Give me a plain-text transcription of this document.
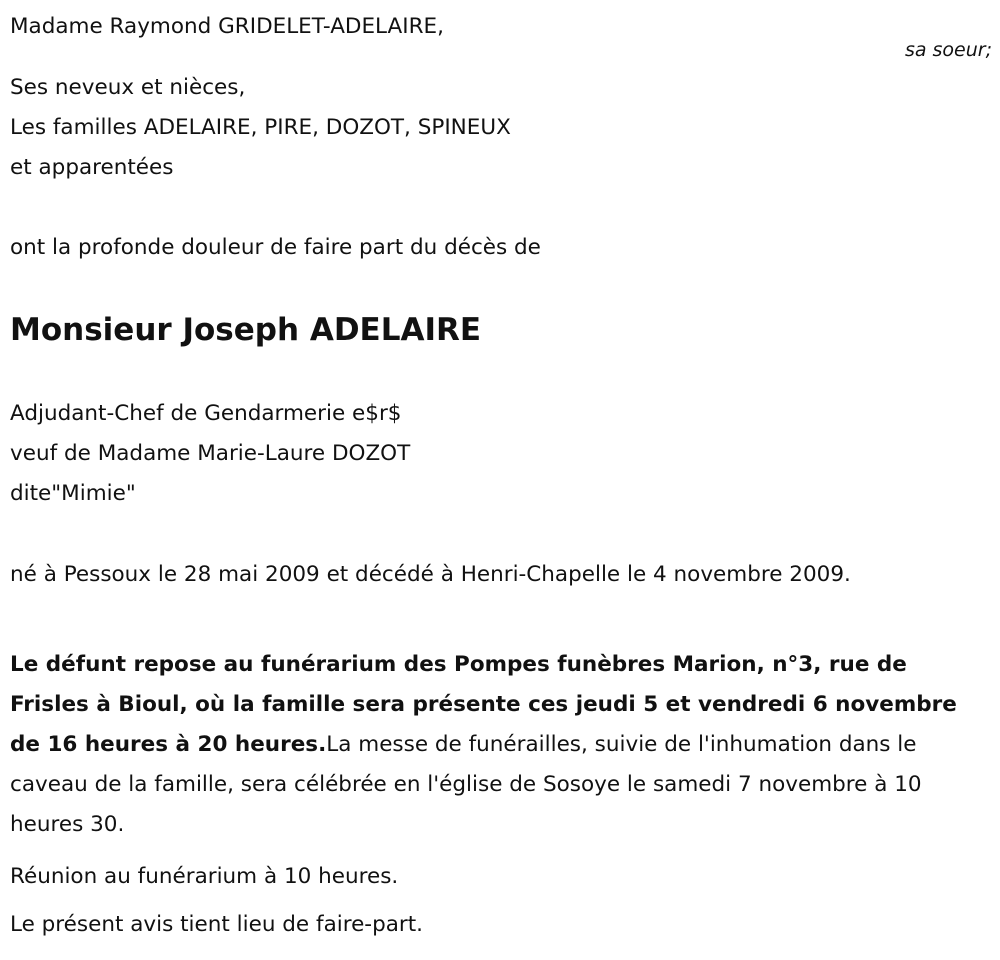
Madame Raymond GRIDELET-ADELAIRE,
sa soeur;
Ses neveux et nièces,
Les familles ADELAIRE, PIRE, DOZOT, SPINEUX
et apparentées
ont la profonde douleur de faire part du décès de
Monsieur Joseph ADELAIRE
Adjudant-Chef de Gendarmerie e$r$
veuf de Madame Marie-Laure DOZOT
dite"Mimie"
né à Pessoux le 28 mai 2009 et décédé à Henri-Chapelle le 4 novembre 2009.
Le défunt repose au funérarium des Pompes funèbres Marion, n°3, rue de Frisles à Bioul, où la famille sera présente ces jeudi 5 et vendredi 6 novembre de 16 heures à 20 heures.La messe de funérailles, suivie de l'inhumation dans le caveau de la famille, sera célébrée en l'église de Sosoye le samedi 7 novembre à 10 heures 30.
Réunion au funérarium à 10 heures.
Le présent avis tient lieu de faire-part.
